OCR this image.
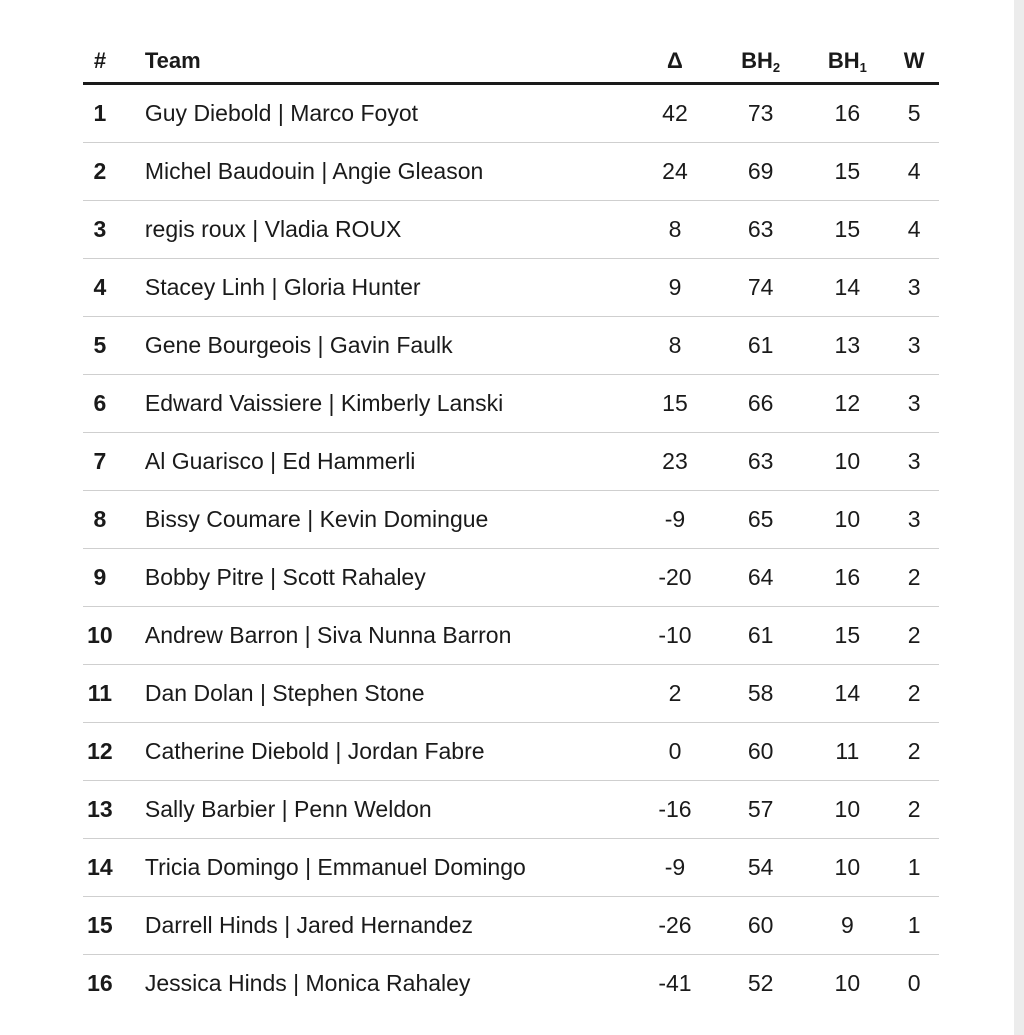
#	Team	Δ	$BH_2$	$BH_1$	W
1	Guy Diebold | Marco Foyot	42	73	16	5
2	Michel Baudouin | Angie Gleason	24	69	15	4
3	regis roux | Vladia ROUX	8	63	15	4
4	Stacey Linh | Gloria Hunter	9	74	14	3
5	Gene Bourgeois | Gavin Faulk	8	61	13	3
6	Edward Vaissiere | Kimberly Lanski	15	66	12	3
7	Al Guarisco | Ed Hammerli	23	63	10	3
8	Bissy Coumare | Kevin Domingue	-9	65	10	3
9	Bobby Pitre | Scott Rahaley	-20	64	16	2
10	Andrew Barron | Siva Nunna Barron	-10	61	15	2
11	Dan Dolan | Stephen Stone	2	58	14	2
12	Catherine Diebold | Jordan Fabre	0	60	11	2
13	Sally Barbier | Penn Weldon	-16	57	10	2
14	Tricia Domingo | Emmanuel Domingo	-9	54	10	1
15	Darrell Hinds | Jared Hernandez	-26	60	9	1
16	Jessica Hinds | Monica Rahaley	-41	52	10	0
